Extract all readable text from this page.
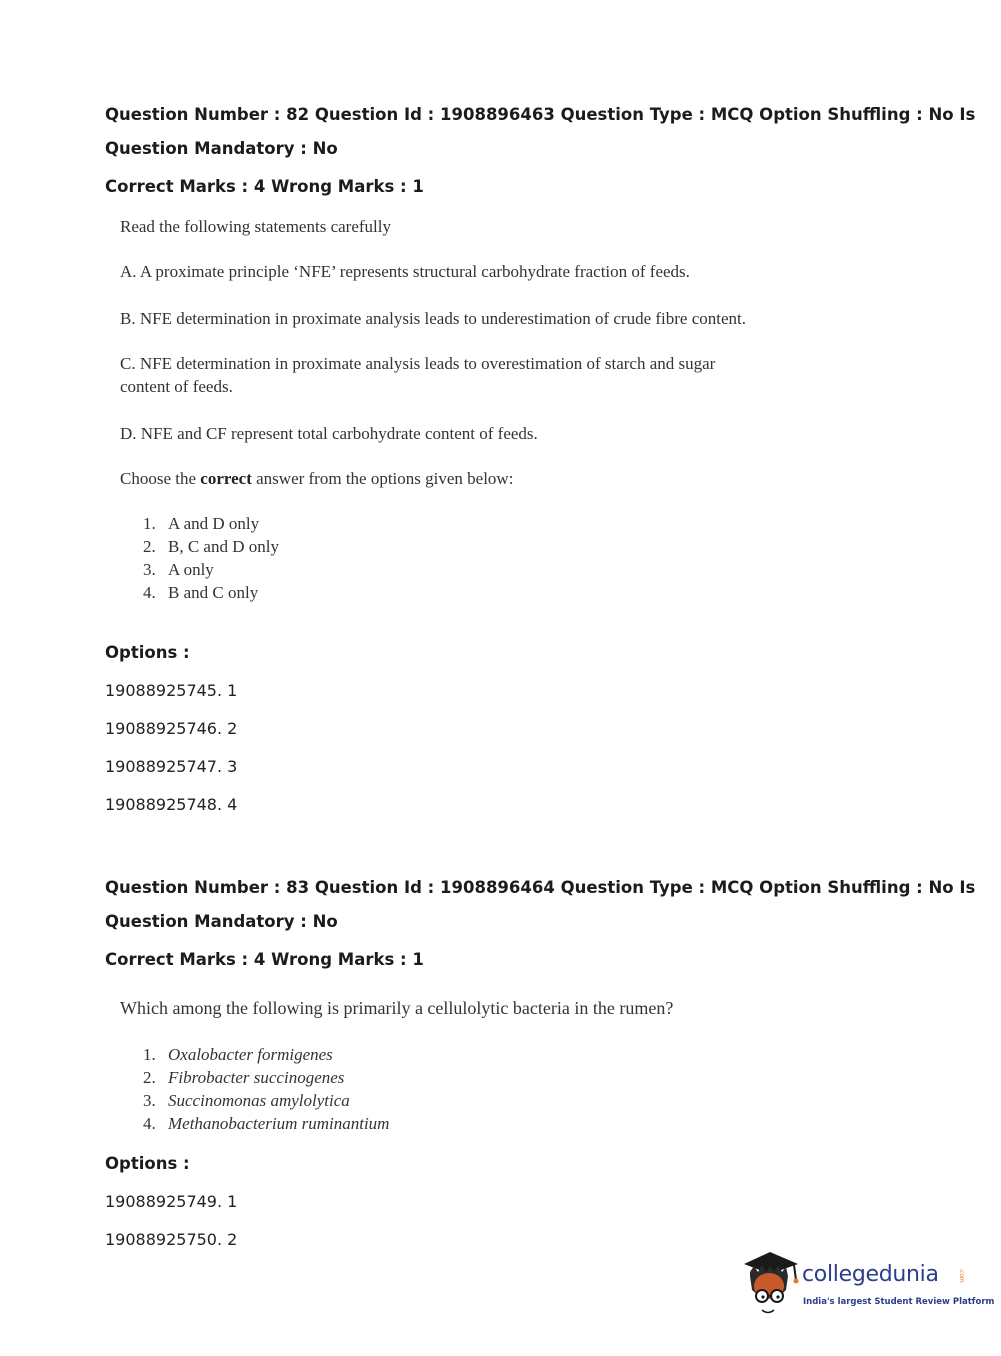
Question Number : 82 Question Id : 1908896463 Question Type : MCQ Option Shuffling : No Is
Question Mandatory : No
Correct Marks : 4 Wrong Marks : 1
Read the following statements carefully
A. A proximate principle ‘NFE’ represents structural carbohydrate fraction of feeds.
B. NFE determination in proximate analysis leads to underestimation of crude fibre content.
C. NFE determination in proximate analysis leads to overestimation of starch and sugar
content of feeds.
D. NFE and CF represent total carbohydrate content of feeds.
Choose the correct answer from the options given below:
1. A and D only
2. B, C and D only
3. A only
4. B and C only
Options :
19088925745. 1
19088925746. 2
19088925747. 3
19088925748. 4
Question Number : 83 Question Id : 1908896464 Question Type : MCQ Option Shuffling : No Is
Question Mandatory : No
Correct Marks : 4 Wrong Marks : 1
Which among the following is primarily a cellulolytic bacteria in the rumen?
1. Oxalobacter formigenes
2. Fibrobacter succinogenes
3. Succinomonas amylolytica
4. Methanobacterium ruminantium
Options :
19088925749. 1
19088925750. 2
collegedunia	.com
India's largest Student Review Platform
